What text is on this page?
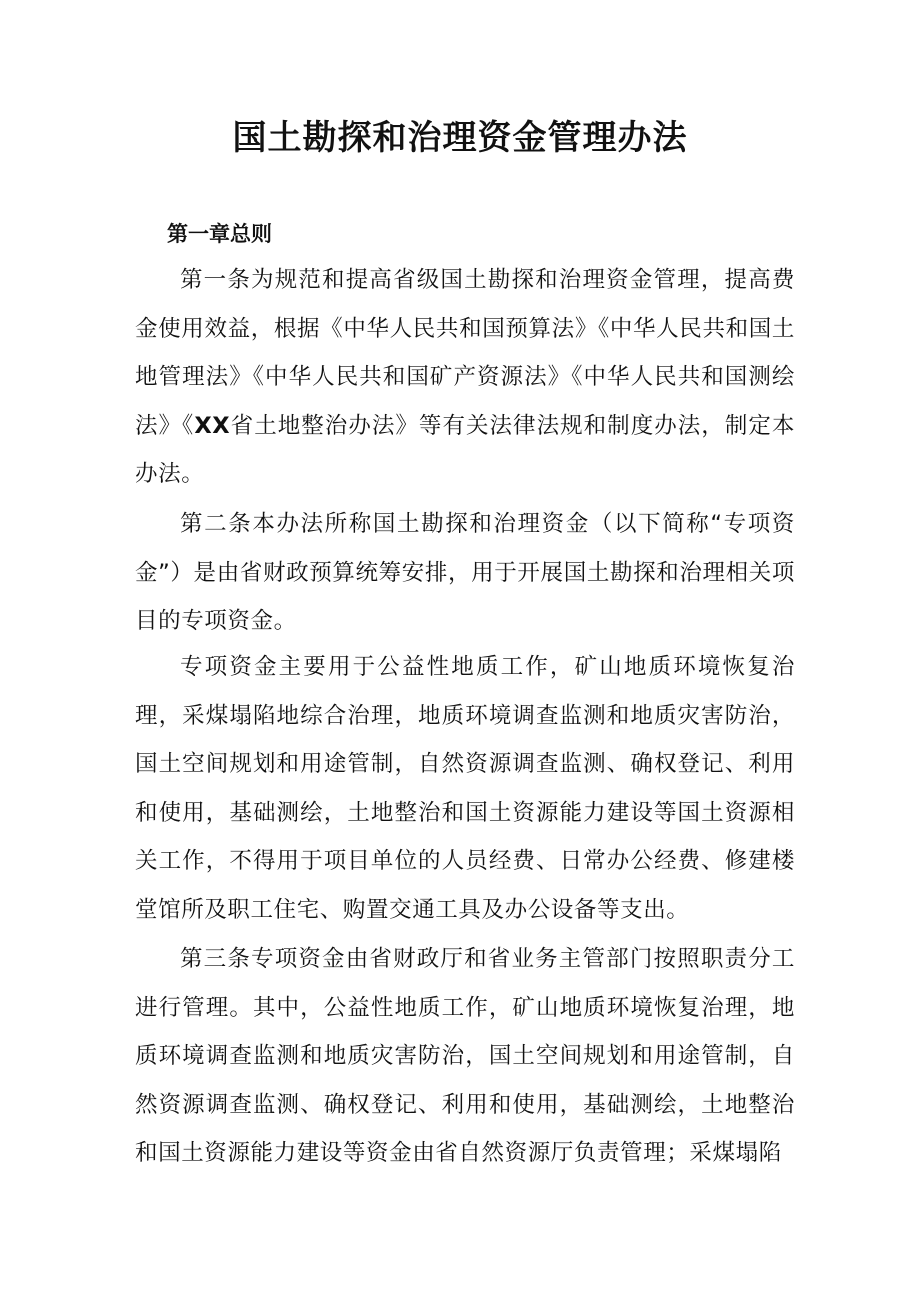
国土勘探和治理资金管理办法
第一章总则

第一条为规范和提高省级国土勘探和治理资金管理，提高费金使用效益，根据《中华人民共和国预算法》《中华人民共和国土地管理法》《中华人民共和国矿产资源法》《中华人民共和国测绘法》《XX省土地整治办法》等有关法律法规和制度办法，制定本办法。

第二条本办法所称国土勘探和治理资金（以下简称“专项资金”）是由省财政预算统筹安排，用于开展国土勘探和治理相关项目的专项资金。

专项资金主要用于公益性地质工作，矿山地质环境恢复治理，采煤塌陷地综合治理，地质环境调查监测和地质灾害防治，国土空间规划和用途管制，自然资源调查监测、确权登记、利用和使用，基础测绘，土地整治和国土资源能力建设等国土资源相关工作，不得用于项目单位的人员经费、日常办公经费、修建楼堂馆所及职工住宅、购置交通工具及办公设备等支出。

第三条专项资金由省财政厅和省业务主管部门按照职责分工进行管理。其中，公益性地质工作，矿山地质环境恢复治理，地质环境调查监测和地质灾害防治，国土空间规划和用途管制，自然资源调查监测、确权登记、利用和使用，基础测绘，土地整治和国土资源能力建设等资金由省自然资源厅负责管理；采煤塌陷
